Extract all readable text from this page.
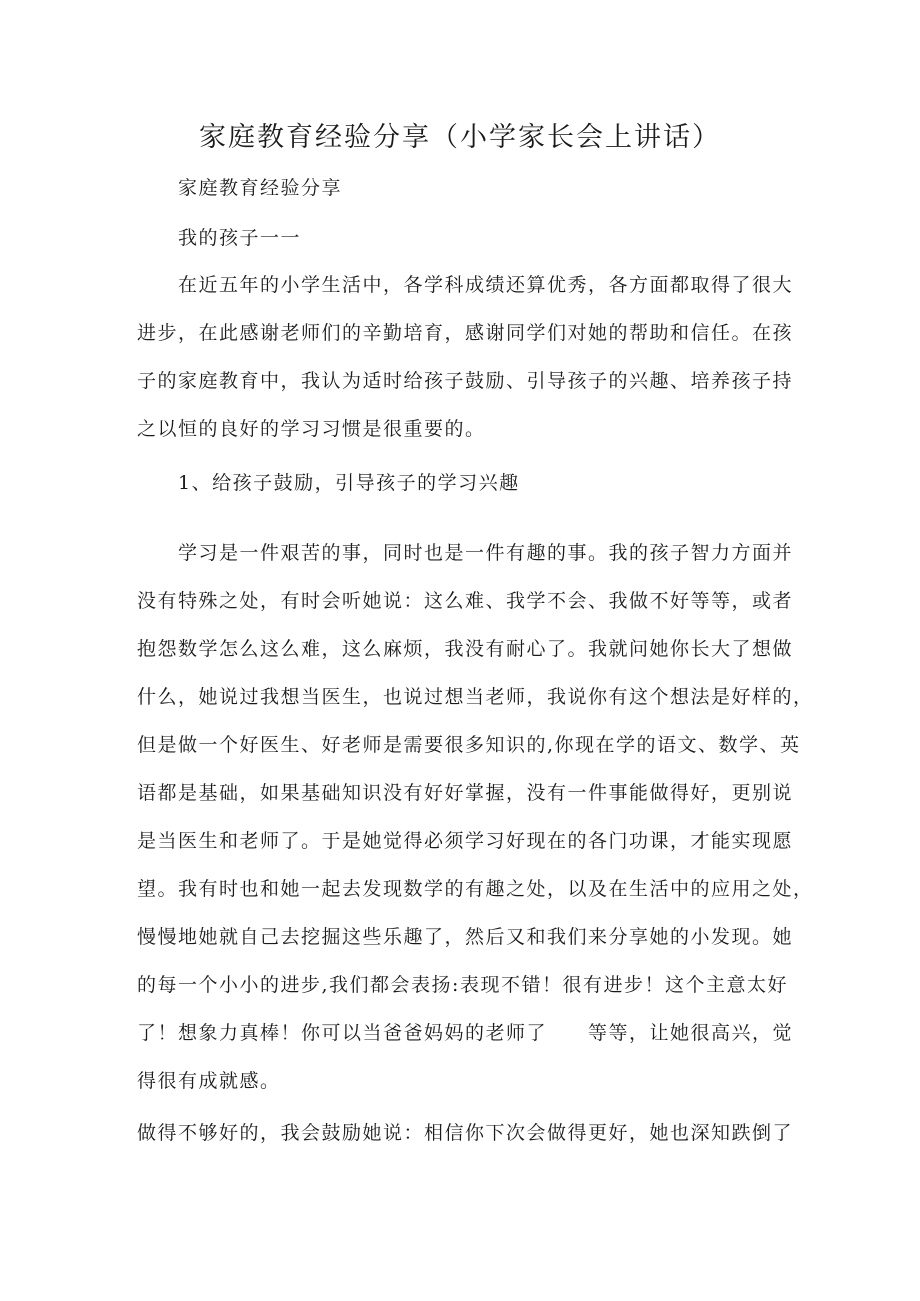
家庭教育经验分享（小学家长会上讲话）
家庭教育经验分享
我的孩子一一
在近五年的小学生活中，各学科成绩还算优秀，各方面都取得了很大
进步，在此感谢老师们的辛勤培育，感谢同学们对她的帮助和信任。在孩
子的家庭教育中，我认为适时给孩子鼓励、引导孩子的兴趣、培养孩子持
之以恒的良好的学习习惯是很重要的。
1、给孩子鼓励，引导孩子的学习兴趣
学习是一件艰苦的事，同时也是一件有趣的事。我的孩子智力方面并
没有特殊之处，有时会听她说：这么难、我学不会、我做不好等等，或者
抱怨数学怎么这么难，这么麻烦，我没有耐心了。我就问她你长大了想做
什么，她说过我想当医生，也说过想当老师，我说你有这个想法是好样的，
但是做一个好医生、好老师是需要很多知识的,你现在学的语文、数学、英
语都是基础，如果基础知识没有好好掌握，没有一件事能做得好，更别说
是当医生和老师了。于是她觉得必须学习好现在的各门功课，才能实现愿
望。我有时也和她一起去发现数学的有趣之处，以及在生活中的应用之处，
慢慢地她就自己去挖掘这些乐趣了，然后又和我们来分享她的小发现。她
的每一个小小的进步,我们都会表扬:表现不错！很有进步！这个主意太好
了！想象力真棒！你可以当爸爸妈妈的老师了　　等等，让她很高兴，觉
得很有成就感。
做得不够好的，我会鼓励她说：相信你下次会做得更好，她也深知跌倒了
